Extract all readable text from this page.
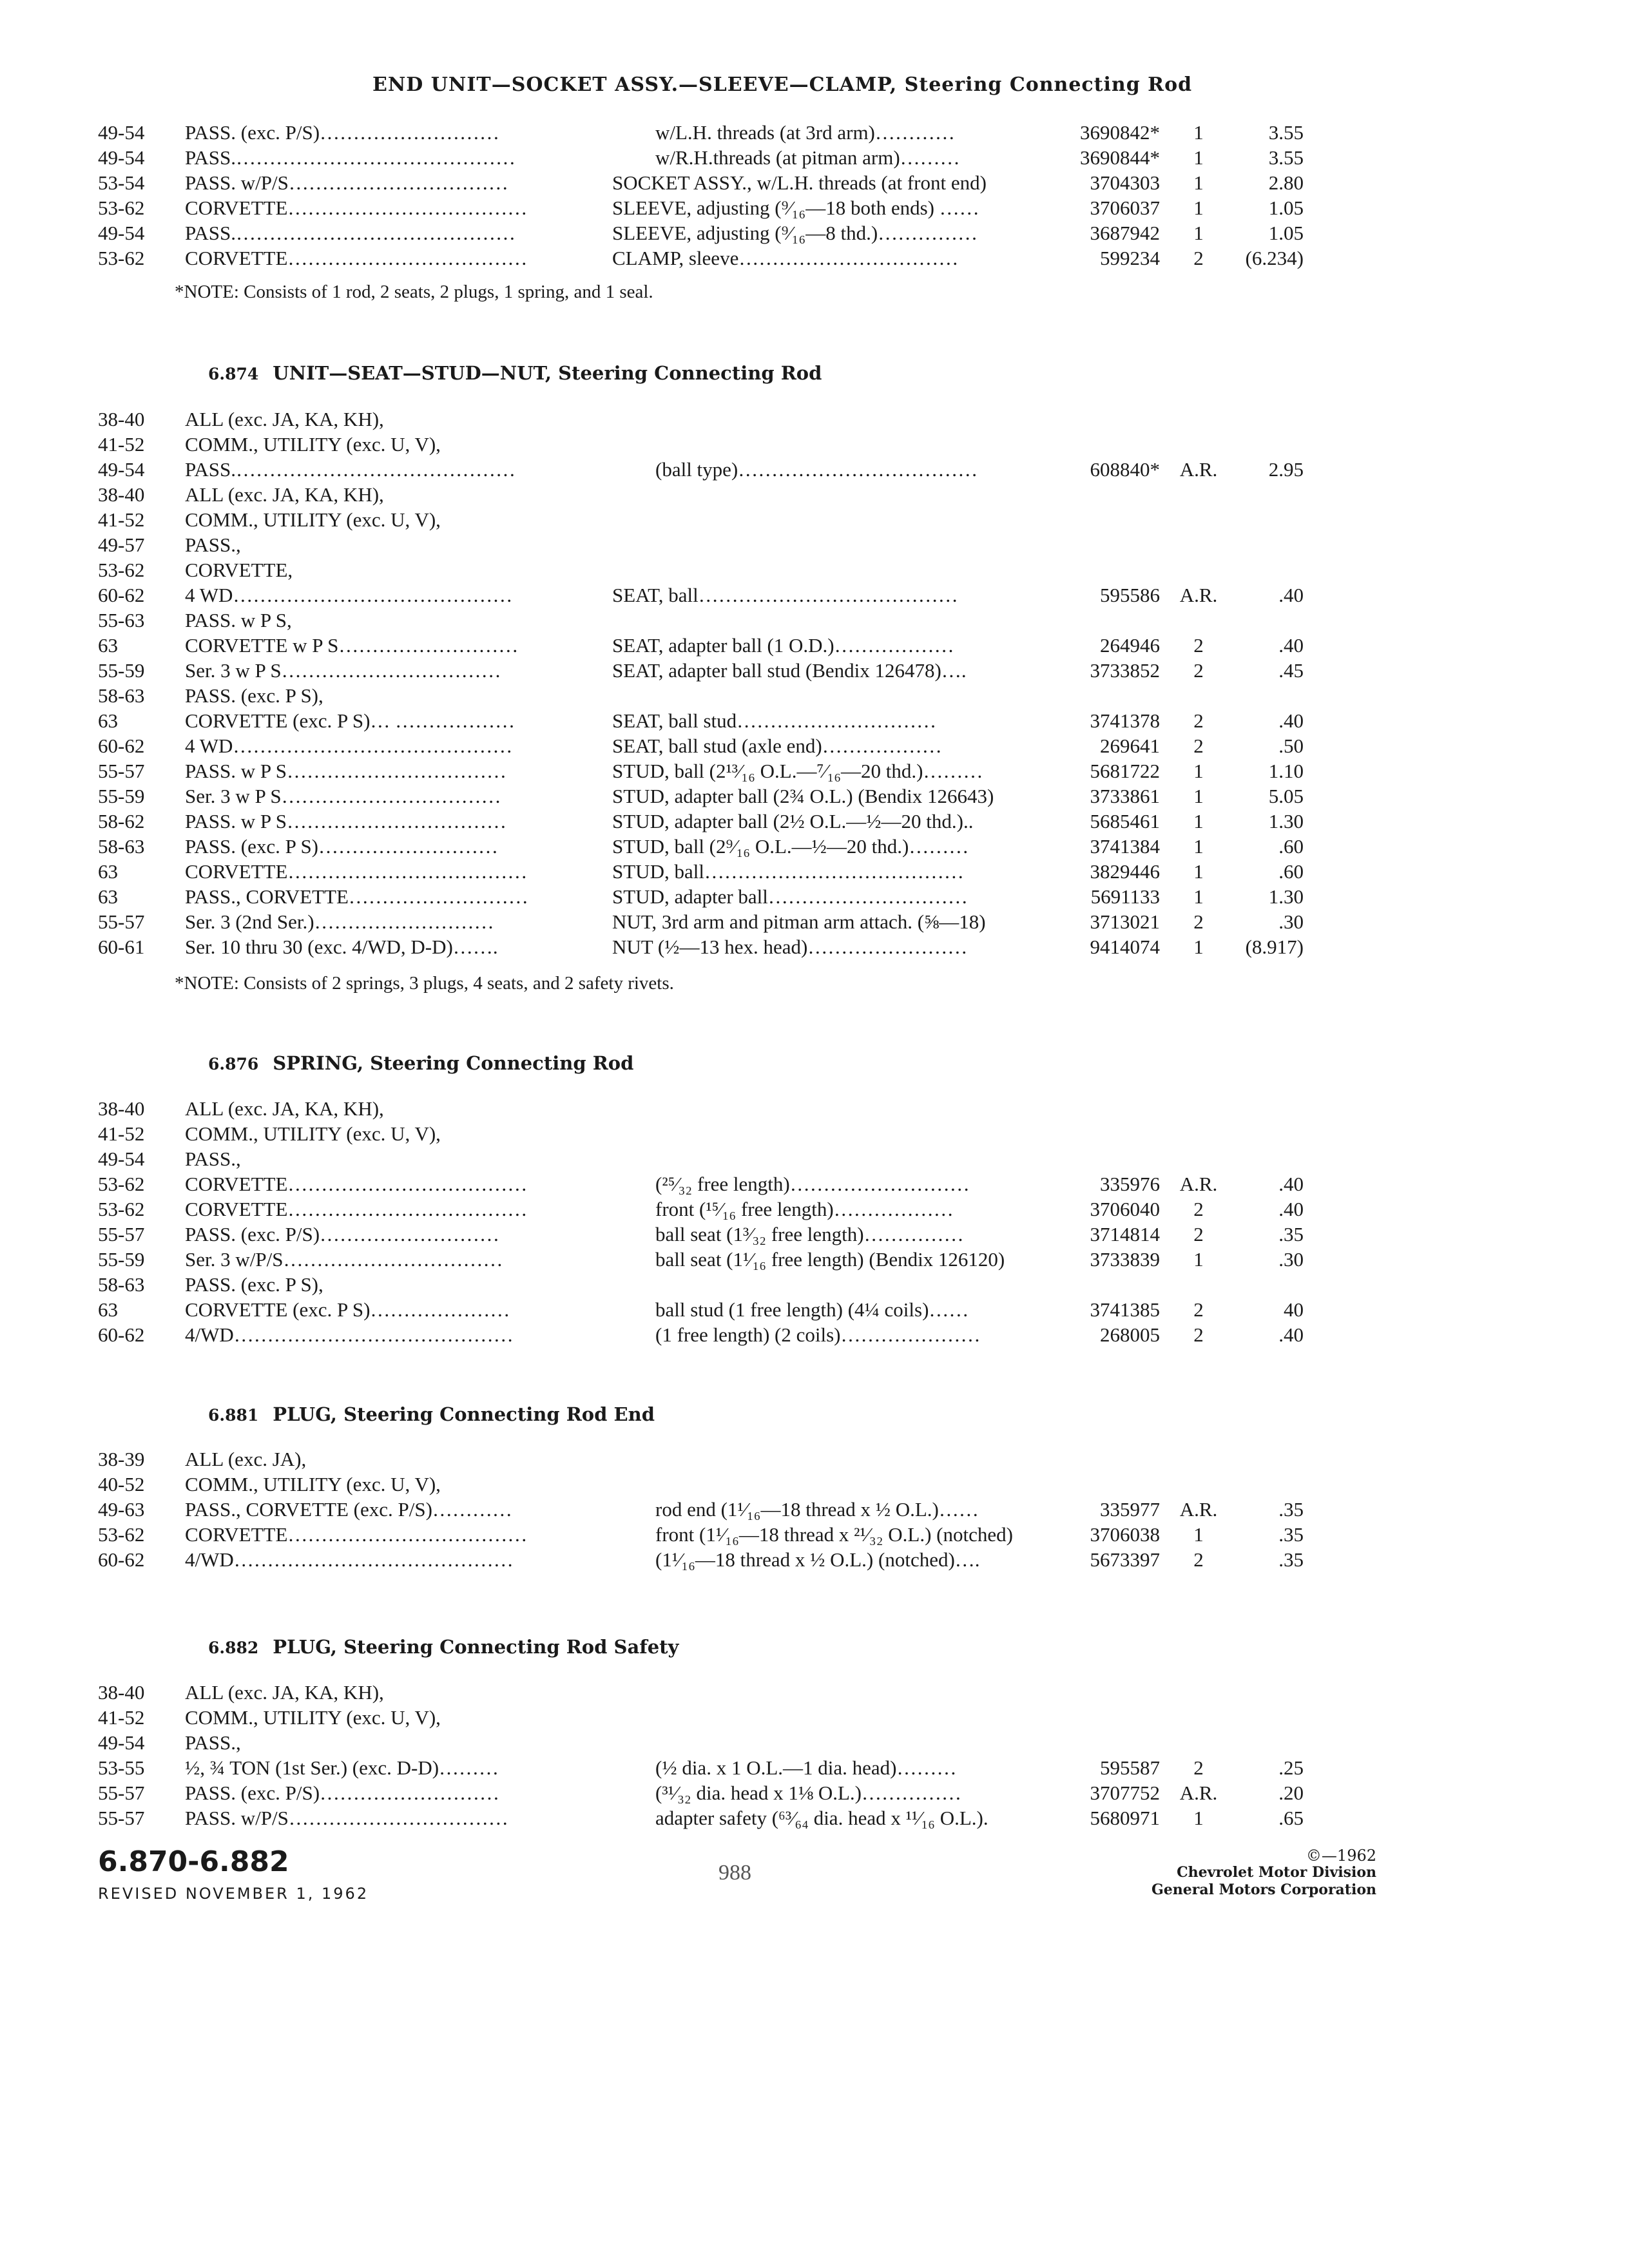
END UNIT—SOCKET ASSY.—SLEEVE—CLAMP, Steering Connecting Rod
49-54 PASS. (exc. P/S)………………………	w/L.H. threads (at 3rd arm)…………	3690842*	1	3.55
49-54 PASS.……………………………………	w/R.H.threads (at pitman arm)………	3690844*	1	3.55
53-54 PASS. w/P/S……………………………	SOCKET ASSY., w/L.H. threads (at front end)	3704303	1	2.80
53-62 CORVETTE………………………………	SLEEVE, adjusting (⁹⁄₁₆—18 both ends) ……	3706037	1	1.05
49-54 PASS.……………………………………	SLEEVE, adjusting (⁹⁄₁₆—8 thd.)……………	3687942	1	1.05
53-62 CORVETTE………………………………	CLAMP, sleeve……………………………	599234	2	(6.234)
*NOTE: Consists of 1 rod, 2 seats, 2 plugs, 1 spring, and 1 seal.
6.874 UNIT—SEAT—STUD—NUT, Steering Connecting Rod
38-40 ALL (exc. JA, KA, KH),
41-52 COMM., UTILITY (exc. U, V),
49-54 PASS.……………………………………	(ball type)………………………………	608840* A.R.	2.95
38-40 ALL (exc. JA, KA, KH),
41-52 COMM., UTILITY (exc. U, V),
49-57 PASS.,
53-62 CORVETTE,
60-62 4 WD……………………………………	SEAT, ball…………………………………	595586 A.R.	.40
55-63 PASS. w P S,
63	CORVETTE w P S………………………	SEAT, adapter ball (1 O.D.)………………	264946	2	.40
55-59 Ser. 3 w P S……………………………	SEAT, adapter ball stud (Bendix 126478)….	3733852	2	.45
58-63 PASS. (exc. P S),
63	CORVETTE (exc. P S)… ………………	SEAT, ball stud…………………………	3741378	2	.40
60-62 4 WD……………………………………	SEAT, ball stud (axle end)………………	269641	2	.50
55-57 PASS. w P S……………………………	STUD, ball (2¹³⁄₁₆ O.L.—⁷⁄₁₆—20 thd.)………	5681722	1	1.10
55-59 Ser. 3 w P S……………………………	STUD, adapter ball (2¾ O.L.) (Bendix 126643)	3733861	1	5.05
58-62 PASS. w P S……………………………	STUD, adapter ball (2½ O.L.—½—20 thd.)..	5685461	1	1.30
58-63 PASS. (exc. P S)………………………	STUD, ball (2⁹⁄₁₆ O.L.—½—20 thd.)………	3741384	1	.60
63	CORVETTE………………………………	STUD, ball…………………………………	3829446	1	.60
63	PASS., CORVETTE………………………	STUD, adapter ball…………………………	5691133	1	1.30
55-57 Ser. 3 (2nd Ser.)………………………	NUT, 3rd arm and pitman arm attach. (⅝—18)	3713021	2	.30
60-61 Ser. 10 thru 30 (exc. 4/WD, D-D)…….	NUT (½—13 hex. head)……………………	9414074	1	(8.917)
*NOTE: Consists of 2 springs, 3 plugs, 4 seats, and 2 safety rivets.
6.876 SPRING, Steering Connecting Rod
38-40 ALL (exc. JA, KA, KH),
41-52 COMM., UTILITY (exc. U, V),
49-54 PASS.,
53-62 CORVETTE………………………………	(²⁵⁄₃₂ free length)………………………	335976 A.R.	.40
53-62 CORVETTE………………………………	front (¹⁵⁄₁₆ free length)………………	3706040	2	.40
55-57 PASS. (exc. P/S)………………………	ball seat (1³⁄₃₂ free length)……………	3714814	2	.35
55-59 Ser. 3 w/P/S……………………………	ball seat (1¹⁄₁₆ free length) (Bendix 126120)	3733839	1	.30
58-63 PASS. (exc. P S),
63	CORVETTE (exc. P S)…………………	ball stud (1 free length) (4¼ coils)……	3741385	2	40
60-62 4/WD……………………………………	(1 free length) (2 coils)…………………	268005	2	.40
6.881 PLUG, Steering Connecting Rod End
38-39 ALL (exc. JA),
40-52 COMM., UTILITY (exc. U, V),
49-63 PASS., CORVETTE (exc. P/S)…………	rod end (1¹⁄₁₆—18 thread x ½ O.L.)……	335977 A.R.	.35
53-62 CORVETTE………………………………	front (1¹⁄₁₆—18 thread x ²¹⁄₃₂ O.L.) (notched)	3706038	1	.35
60-62 4/WD……………………………………	(1¹⁄₁₆—18 thread x ½ O.L.) (notched)….	5673397	2	.35
6.882 PLUG, Steering Connecting Rod Safety
38-40 ALL (exc. JA, KA, KH),
41-52 COMM., UTILITY (exc. U, V),
49-54 PASS.,
53-55 ½, ¾ TON (1st Ser.) (exc. D-D)………	(½ dia. x 1 O.L.—1 dia. head)………	595587	2	.25
55-57 PASS. (exc. P/S)………………………	(³¹⁄₃₂ dia. head x 1⅛ O.L.)……………	3707752 A.R.	.20
55-57 PASS. w/P/S……………………………	adapter safety (⁶³⁄₆₄ dia. head x ¹¹⁄₁₆ O.L.).	5680971	1	.65
6.870-6.882
REVISED NOVEMBER 1, 1962
988
©—1962
Chevrolet Motor Division
General Motors Corporation
